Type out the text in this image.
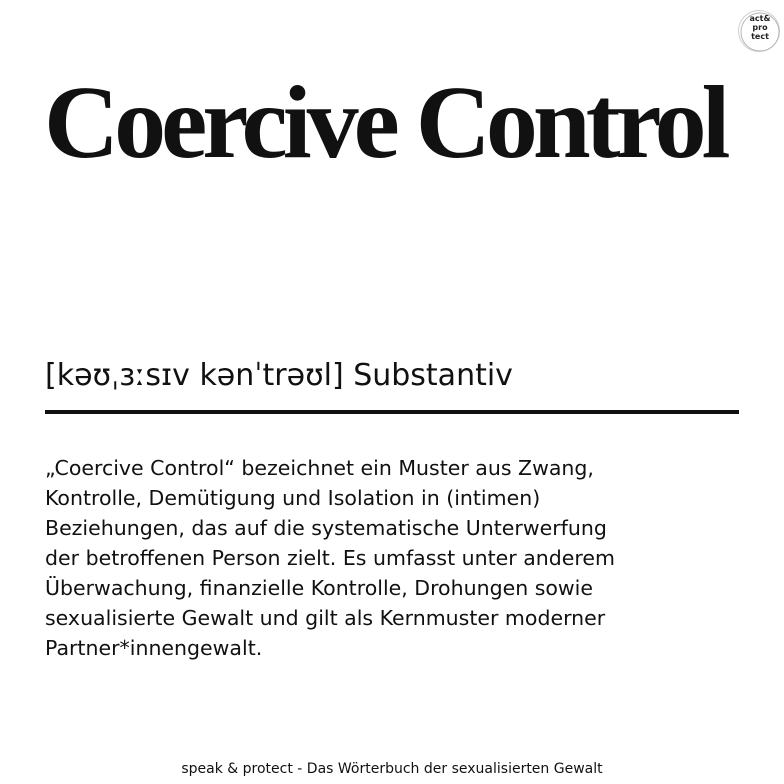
act&
pro
tect
Coercive Control
[kəʊˌɜːsɪv kənˈtrəʊl] Substantiv

„Coercive Control“ bezeichnet ein Muster aus Zwang,
Kontrolle, Demütigung und Isolation in (intimen)
Beziehungen, das auf die systematische Unterwerfung
der betroffenen Person zielt. Es umfasst unter anderem
Überwachung, finanzielle Kontrolle, Drohungen sowie
sexualisierte Gewalt und gilt als Kernmuster moderner
Partner*innengewalt.

speak & protect - Das Wörterbuch der sexualisierten Gewalt
